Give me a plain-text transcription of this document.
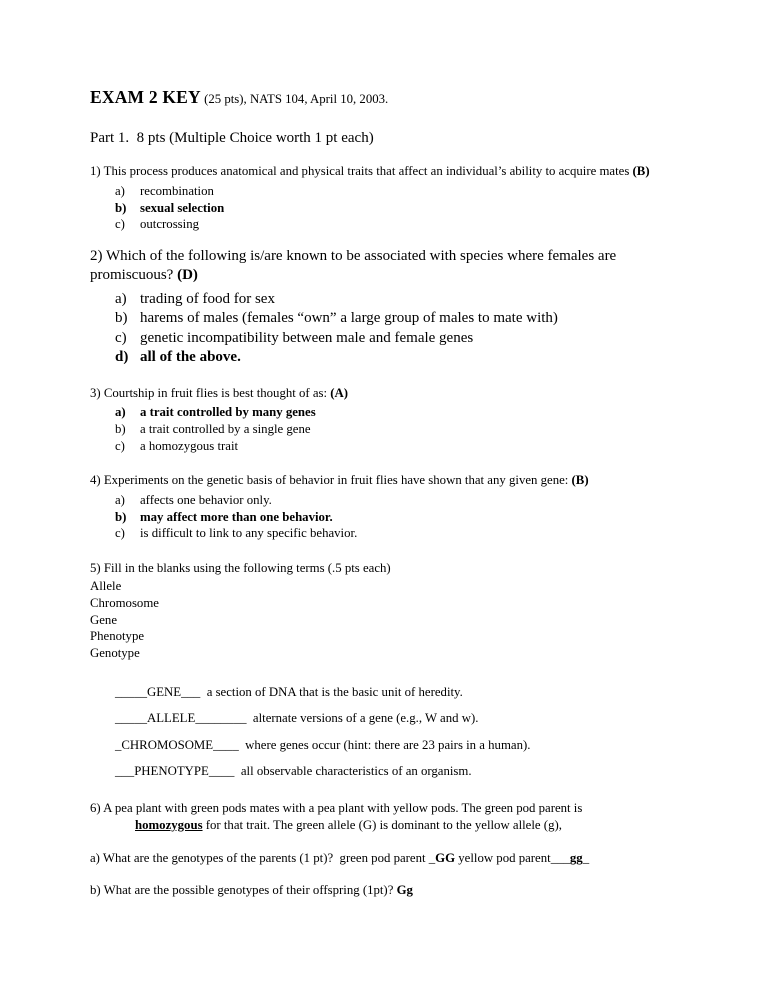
EXAM 2 KEY (25 pts), NATS 104, April 10, 2003.
Part 1.  8 pts (Multiple Choice worth 1 pt each)
1) This process produces anatomical and physical traits that affect an individual’s ability to acquire mates (B)
a) recombination
b) sexual selection
c) outcrossing
2) Which of the following is/are known to be associated with species where females are promiscuous? (D)
a) trading of food for sex
b) harems of males (females “own” a large group of males to mate with)
c) genetic incompatibility between male and female genes
d) all of the above.
3) Courtship in fruit flies is best thought of as: (A)
a) a trait controlled by many genes
b) a trait controlled by a single gene
c) a homozygous trait
4) Experiments on the genetic basis of behavior in fruit flies have shown that any given gene: (B)
a) affects one behavior only.
b) may affect more than one behavior.
c) is difficult to link to any specific behavior.
5) Fill in the blanks using the following terms (.5 pts each)
Allele
Chromosome
Gene
Phenotype
Genotype
_____GENE___  a section of DNA that is the basic unit of heredity.
_____ALLELE________  alternate versions of a gene (e.g., W and w).
_CHROMOSOME____  where genes occur (hint: there are 23 pairs in a human).
___PHENOTYPE____  all observable characteristics of an organism.
6) A pea plant with green pods mates with a pea plant with yellow pods. The green pod parent is
homozygous for that trait. The green allele (G) is dominant to the yellow allele (g),
a) What are the genotypes of the parents (1 pt)?  green pod parent _GG yellow pod parent___gg_
b) What are the possible genotypes of their offspring (1pt)? Gg
